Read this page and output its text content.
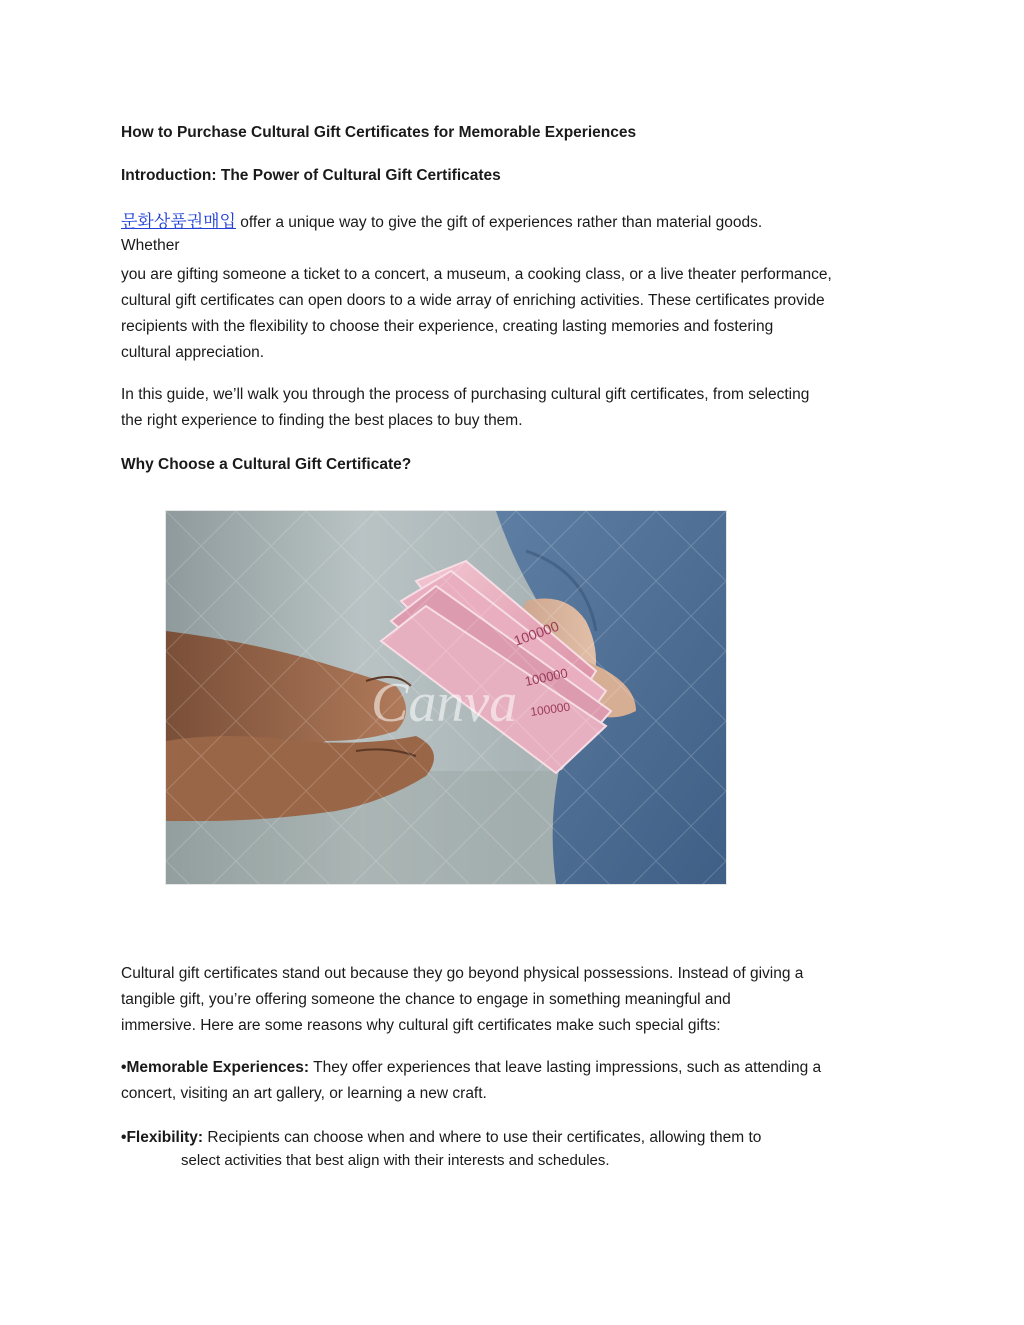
How to Purchase Cultural Gift Certificates for Memorable Experiences

Introduction: The Power of Cultural Gift Certificates

문화상품권매입 offer a unique way to give the gift of experiences rather than material goods.

Whether

you are gifting someone a ticket to a concert, a museum, a cooking class, or a live theater performance,

cultural gift certificates can open doors to a wide array of enriching activities. These certificates provide

recipients with the flexibility to choose their experience, creating lasting memories and fostering

cultural appreciation.

In this guide, we’ll walk you through the process of purchasing cultural gift certificates, from selecting

the right experience to finding the best places to buy them.

Why Choose a Cultural Gift Certificate?

Cultural gift certificates stand out because they go beyond physical possessions. Instead of giving a

tangible gift, you’re offering someone the chance to engage in something meaningful and

immersive. Here are some reasons why cultural gift certificates make such special gifts:

•Memorable Experiences: They offer experiences that leave lasting impressions, such as attending a

concert, visiting an art gallery, or learning a new craft.

•Flexibility: Recipients can choose when and where to use their certificates, allowing them to

select activities that best align with their interests and schedules.

Canva
